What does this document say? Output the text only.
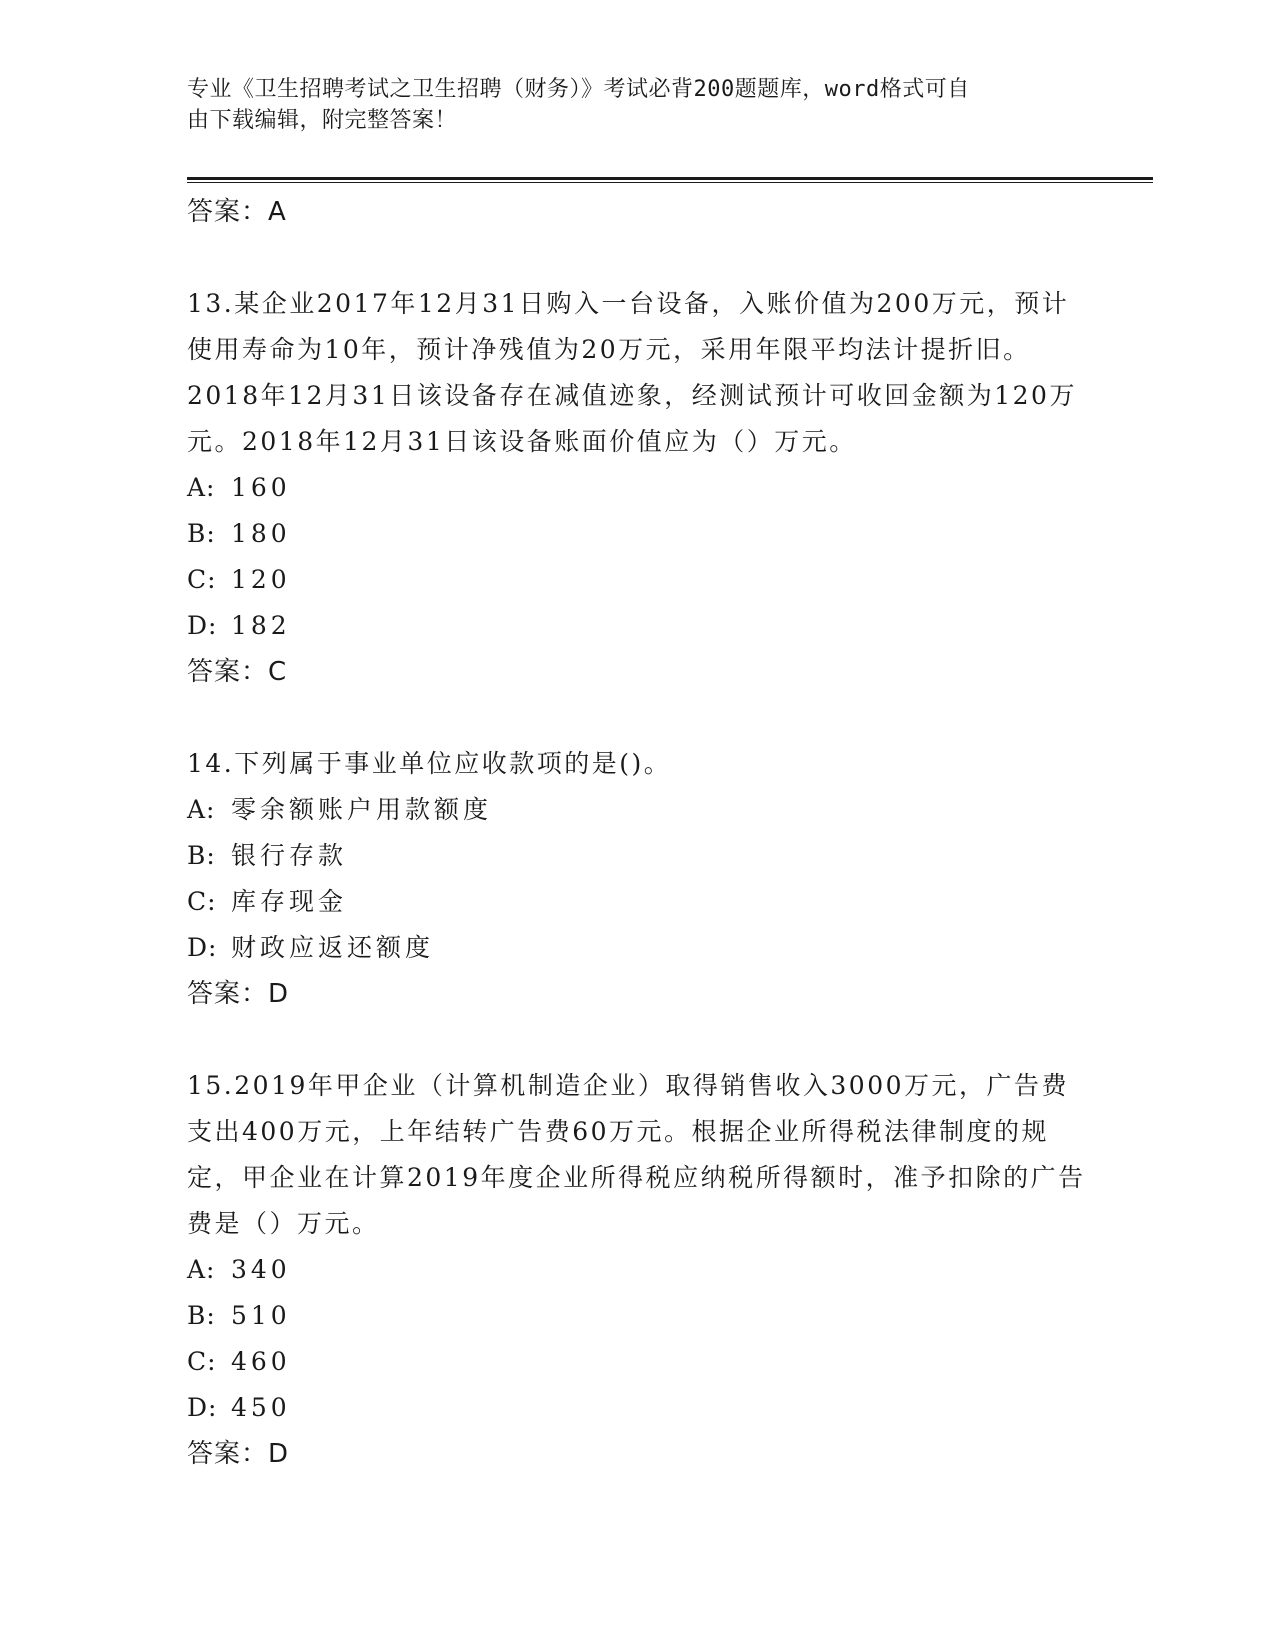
专业《卫生招聘考试之卫生招聘（财务）》考试必背200题题库，word格式可自
由下载编辑，附完整答案！
答案：A
13.某企业2017年12月31日购入一台设备，入账价值为200万元，预计使用寿命为10年，预计净残值为20万元，采用年限平均法计提折旧。2018年12月31日该设备存在减值迹象，经测试预计可收回金额为120万元。2018年12月31日该设备账面价值应为（）万元。
A: 160
B: 180
C: 120
D: 182
答案：C
14.下列属于事业单位应收款项的是()。
A: 零余额账户用款额度
B: 银行存款
C: 库存现金
D: 财政应返还额度
答案：D
15.2019年甲企业（计算机制造企业）取得销售收入3000万元，广告费支出400万元，上年结转广告费60万元。根据企业所得税法律制度的规定，甲企业在计算2019年度企业所得税应纳税所得额时，准予扣除的广告费是（）万元。
A: 340
B: 510
C: 460
D: 450
答案：D
